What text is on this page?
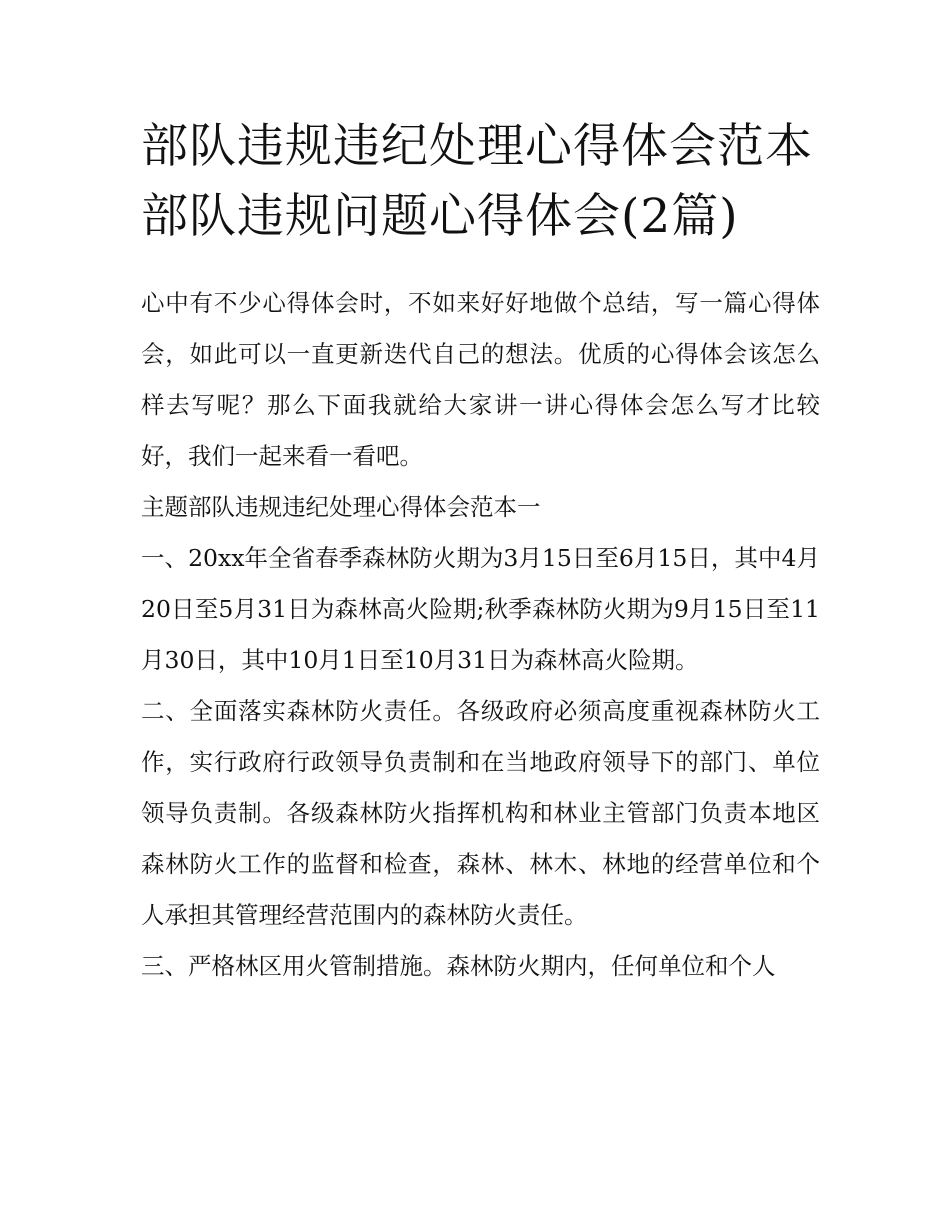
部队违规违纪处理心得体会范本 部队违规问题心得体会(2篇)

心中有不少心得体会时，不如来好好地做个总结，写一篇心得体会，如此可以一直更新迭代自己的想法。优质的心得体会该怎么样去写呢？那么下面我就给大家讲一讲心得体会怎么写才比较好，我们一起来看一看吧。

主题部队违规违纪处理心得体会范本一

一、20xx年全省春季森林防火期为3月15日至6月15日，其中4月20日至5月31日为森林高火险期;秋季森林防火期为9月15日至11月30日，其中10月1日至10月31日为森林高火险期。

二、全面落实森林防火责任。各级政府必须高度重视森林防火工作，实行政府行政领导负责制和在当地政府领导下的部门、单位领导负责制。各级森林防火指挥机构和林业主管部门负责本地区森林防火工作的监督和检查，森林、林木、林地的经营单位和个人承担其管理经营范围内的森林防火责任。

三、严格林区用火管制措施。森林防火期内，任何单位和个人
